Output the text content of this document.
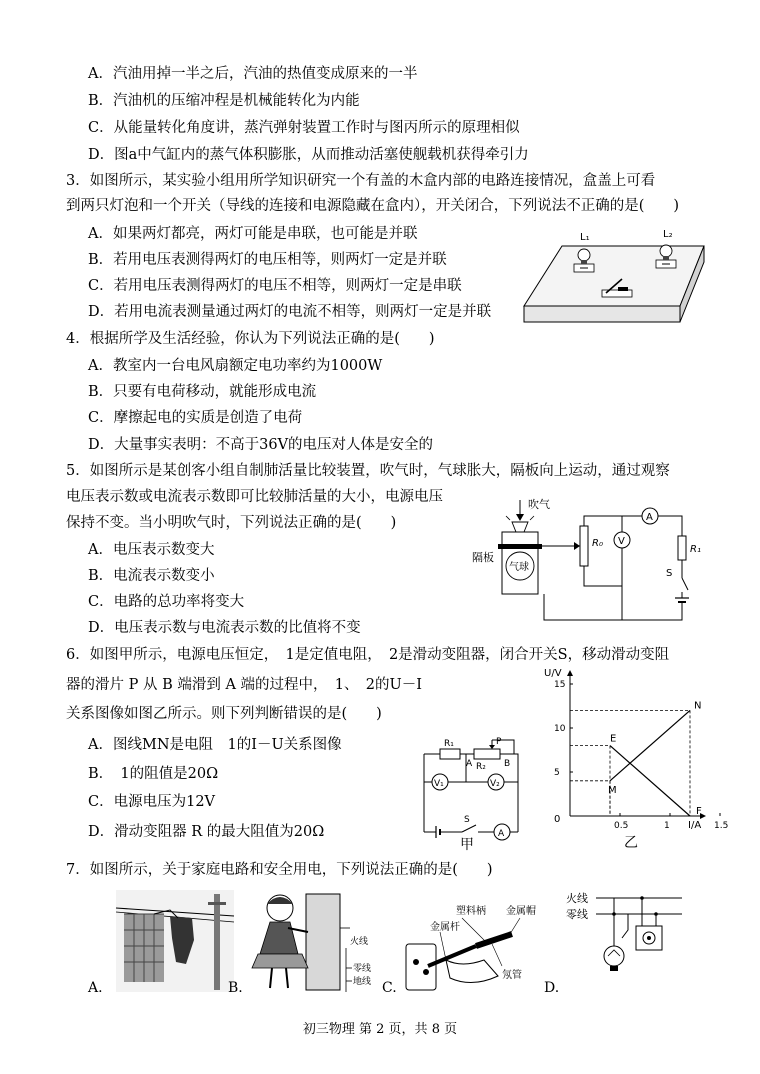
A．汽油用掉一半之后，汽油的热值变成原来的一半
B．汽油机的压缩冲程是机械能转化为内能
C．从能量转化角度讲，蒸汽弹射装置工作时与图丙所示的原理相似
D．图a中气缸内的蒸气体积膨胀，从而推动活塞使舰载机获得牵引力
3．如图所示，某实验小组用所学知识研究一个有盖的木盒内部的电路连接情况，盒盖上可看
到两只灯泡和一个开关（导线的连接和电源隐藏在盒内），开关闭合，下列说法不正确的是(　　)
A．如果两灯都亮，两灯可能是串联，也可能是并联
B．若用电压表测得两灯的电压相等，则两灯一定是并联
C．若用电压表测得两灯的电压不相等，则两灯一定是串联
D．若用电流表测量通过两灯的电流不相等，则两灯一定是并联
L₁	L₂
4．根据所学及生活经验，你认为下列说法正确的是(　　)
A．教室内一台电风扇额定电功率约为1000W
B．只要有电荷移动，就能形成电流
C．摩擦起电的实质是创造了电荷
D．大量事实表明：不高于36V的电压对人体是安全的
5．如图所示是某创客小组自制肺活量比较装置，吹气时，气球胀大，隔板向上运动，通过观察
电压表示数或电流表示数即可比较肺活量的大小，电源电压
保持不变。当小明吹气时，下列说法正确的是(　　)
A．电压表示数变大
B．电流表示数变小
C．电路的总功率将变大
D．电压表示数与电流表示数的比值将不变
吹气
隔板
气球
R₀
A
R₁
S
V
6．如图甲所示，电源电压恒定，　1是定值电阻，　2是滑动变阻器，闭合开关S，移动滑动变阻
器的滑片 P 从 B 端滑到 A 端的过程中，　1、　2的U－I
关系图像如图乙所示。则下列判断错误的是(　　)
A．图线MN是电阻　1的I－U关系图像
B．　1的阻值是20Ω
C．电源电压为12V
D．滑动变阻器 R 的最大阻值为20Ω
R₁
R₂
A	B
P
V₁	V₂
S
A
甲
U/V
I/A
0
0.5	1	1.5
5
10
15
M
N
E
F
乙
7．如图所示，关于家庭电路和安全用电，下列说法正确的是(　　)
A.
火线
零线
地线
B.
金属杆
塑料柄 金属帽
氖管
C.
火线
零线
D.
初三物理 第 2 页，共 8 页
